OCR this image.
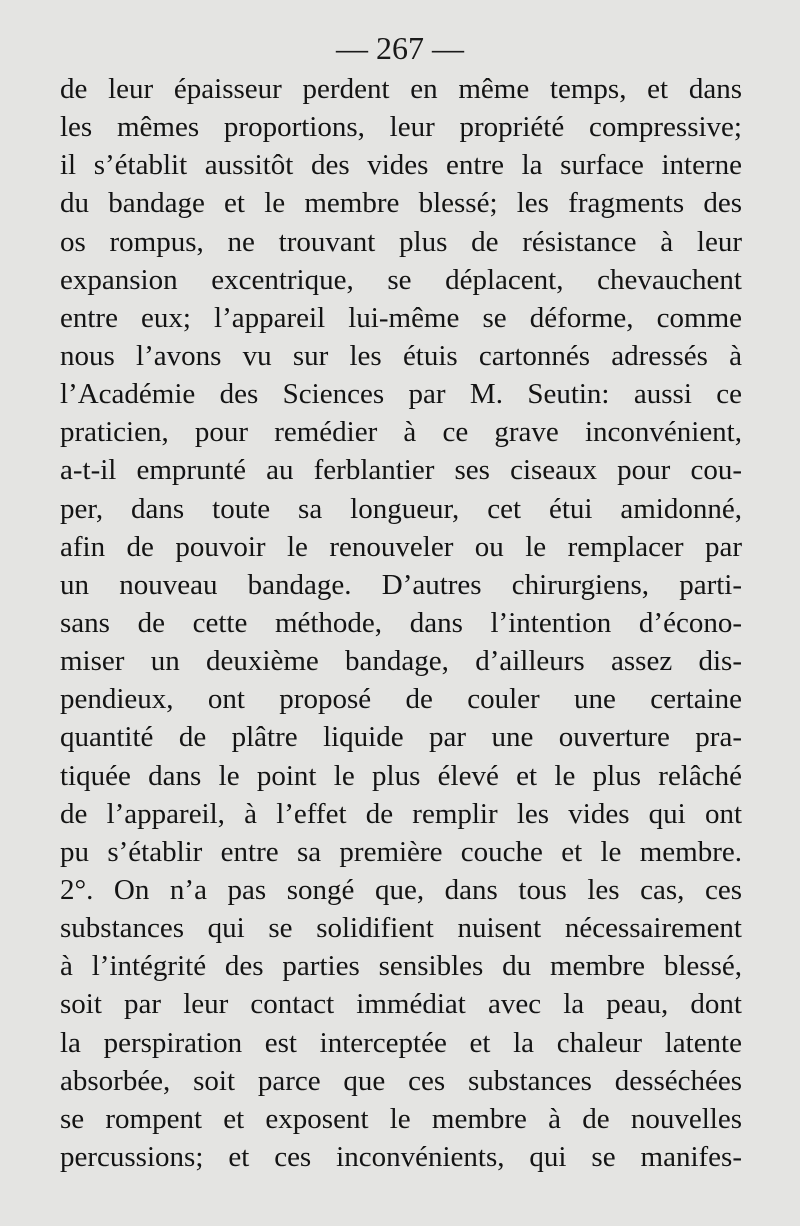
— 267 —
de leur épaisseur perdent en même temps, et dans
les mêmes proportions, leur propriété compressive;
il s’établit aussitôt des vides entre la surface interne
du bandage et le membre blessé; les fragments des
os rompus, ne trouvant plus de résistance à leur
expansion excentrique, se déplacent, chevauchent
entre eux; l’appareil lui-même se déforme, comme
nous l’avons vu sur les étuis cartonnés adressés à
l’Académie des Sciences par M. Seutin: aussi ce
praticien, pour remédier à ce grave inconvénient,
a-t-il emprunté au ferblantier ses ciseaux pour cou-
per, dans toute sa longueur, cet étui amidonné,
afin de pouvoir le renouveler ou le remplacer par
un nouveau bandage. D’autres chirurgiens, parti-
sans de cette méthode, dans l’intention d’écono-
miser un deuxième bandage, d’ailleurs assez dis-
pendieux, ont proposé de couler une certaine
quantité de plâtre liquide par une ouverture pra-
tiquée dans le point le plus élevé et le plus relâché
de l’appareil, à l’effet de remplir les vides qui ont
pu s’établir entre sa première couche et le membre.
2°. On n’a pas songé que, dans tous les cas, ces
substances qui se solidifient nuisent nécessairement
à l’intégrité des parties sensibles du membre blessé,
soit par leur contact immédiat avec la peau, dont
la perspiration est interceptée et la chaleur latente
absorbée, soit parce que ces substances desséchées
se rompent et exposent le membre à de nouvelles
percussions; et ces inconvénients, qui se manifes-
